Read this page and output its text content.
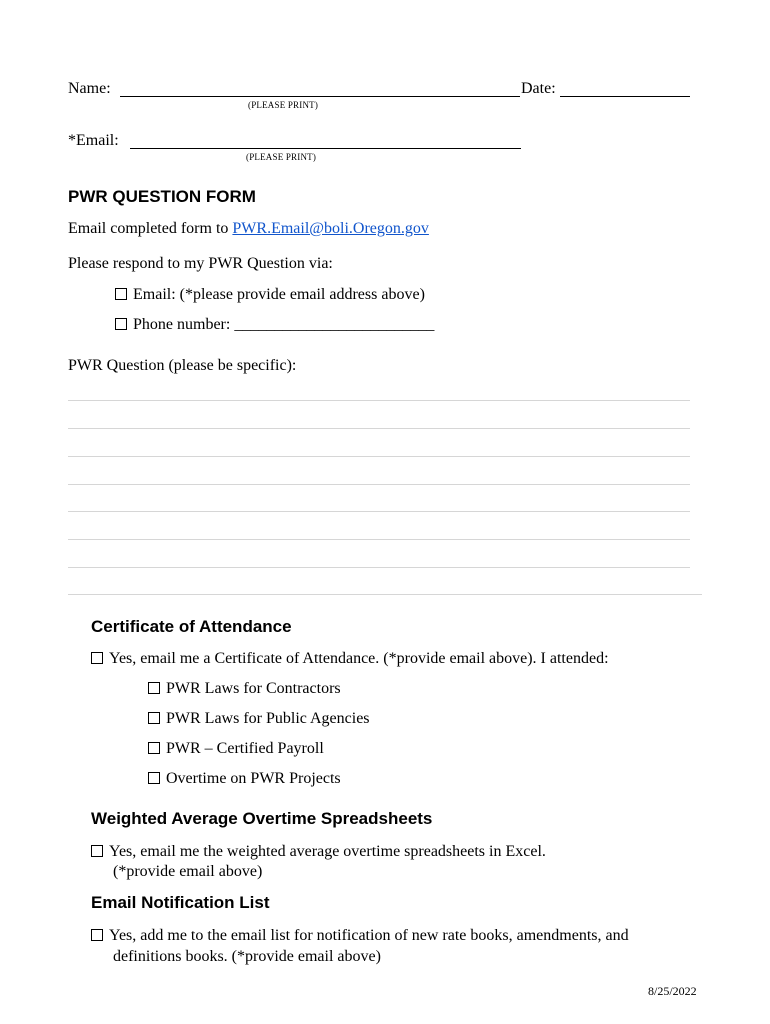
Name:	Date:
(PLEASE PRINT)
*Email:
(PLEASE PRINT)
PWR QUESTION FORM
Email completed form to PWR.Email@boli.Oregon.gov
Please respond to my PWR Question via:
Email: (*please provide email address above)
Phone number: _________________________
PWR Question (please be specific):
Certificate of Attendance
Yes, email me a Certificate of Attendance. (*provide email above). I attended:
PWR Laws for Contractors
PWR Laws for Public Agencies
PWR – Certified Payroll
Overtime on PWR Projects
Weighted Average Overtime Spreadsheets
Yes, email me the weighted average overtime spreadsheets in Excel.
(*provide email above)
Email Notification List
Yes, add me to the email list for notification of new rate books, amendments, and
definitions books. (*provide email above)
8/25/2022
